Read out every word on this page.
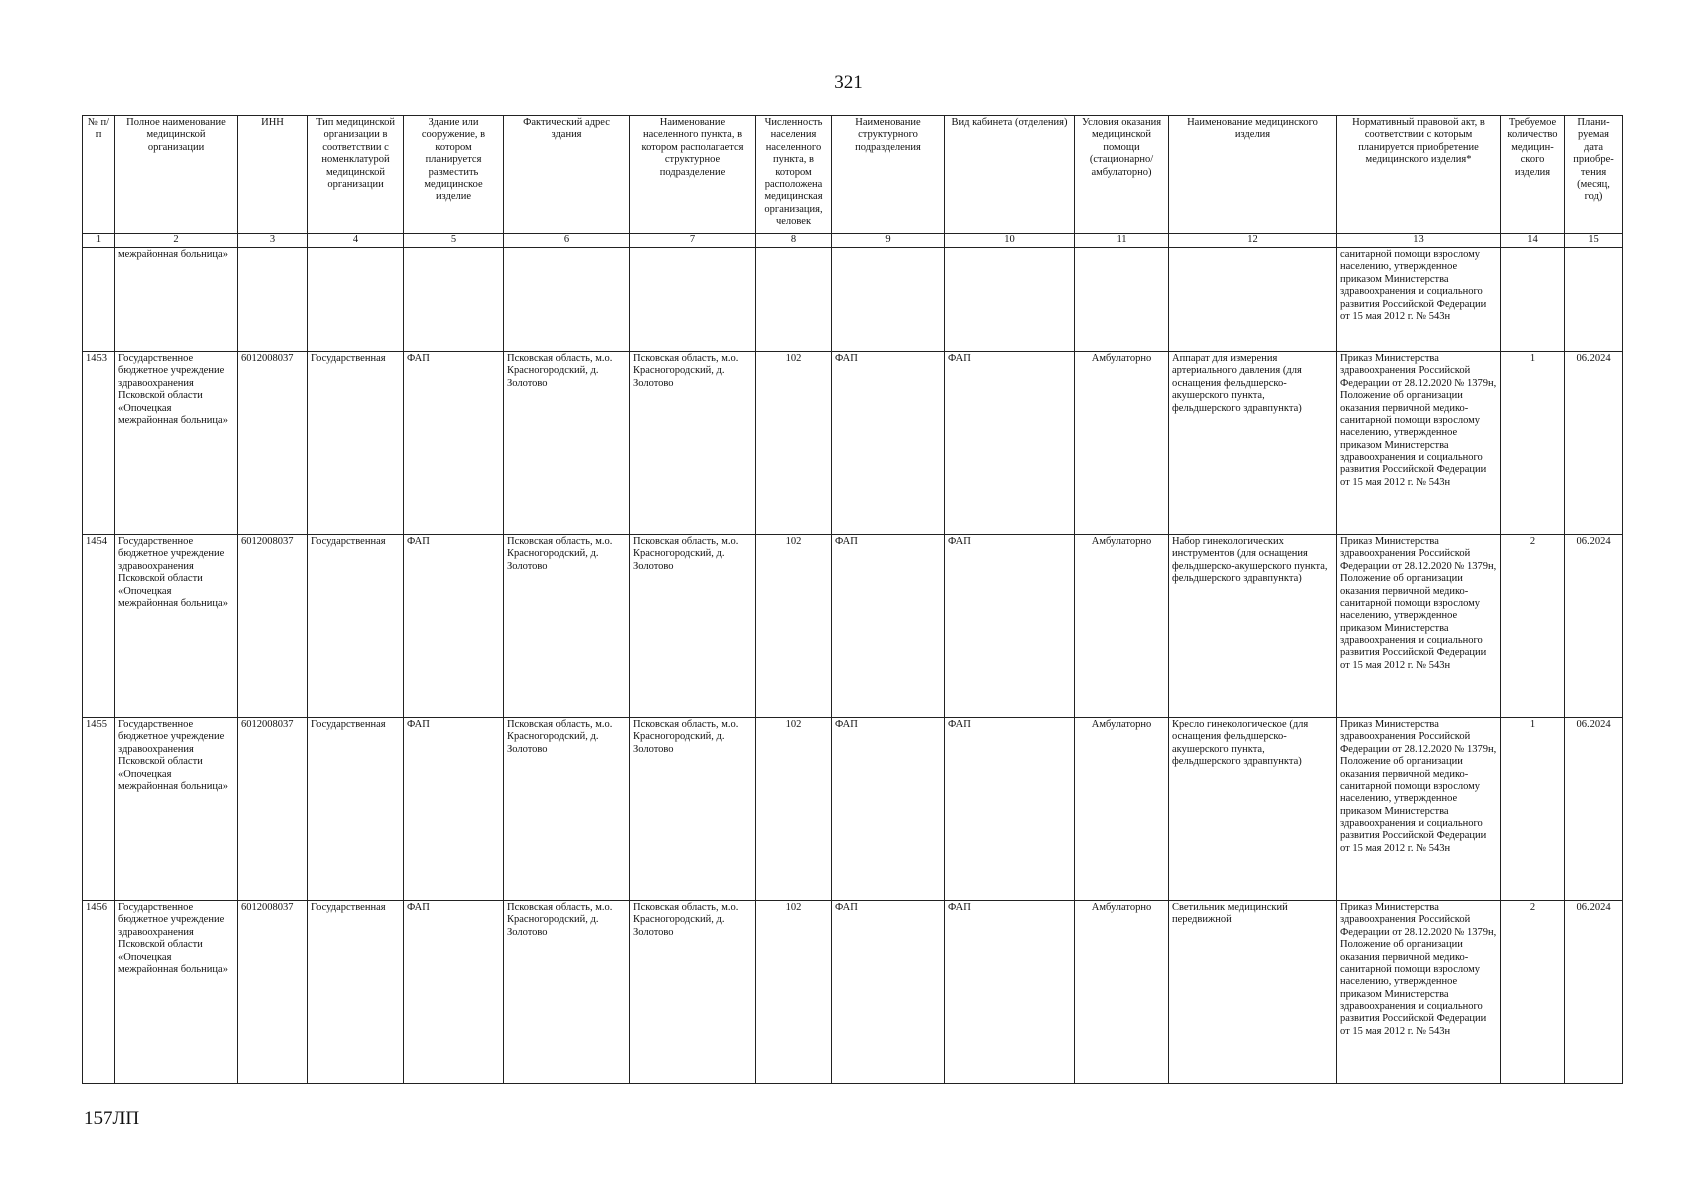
321
№ п/п	Полное наименование медицинской организации	ИНН	Тип медицинской организации в соответствии с номенклатурой медицинской организации	Здание или сооружение, в котором планируется разместить медицинское изделие	Фактический адрес здания	Наименование населенного пункта, в котором располагается структурное подразделение	Численность населения населенного пункта, в котором расположена медицинская организация, человек	Наименование структурного подразделения	Вид кабинета (отделения)	Условия оказания медицинской помощи (стационарно/ амбулаторно)	Наименование медицинского изделия	Нормативный правовой акт, в соответствии с которым планируется приобретение медицинского изделия*	Требуемое количество медицин-ского изделия	Плани-руемая дата приобре-тения (месяц, год)
1	2	3	4	5	6	7	8	9	10	11	12	13	14	15
	межрайонная больница»											санитарной помощи взрослому населению, утвержденное приказом Министерства здравоохранения и социального развития Российской Федерации от 15 мая 2012 г. № 543н		
1453	Государственное бюджетное учреждение здравоохранения Псковской области «Опочецкая межрайонная больница»	6012008037	Государственная	ФАП	Псковская область, м.о. Красногородский, д. Золотово	Псковская область, м.о. Красногородский, д. Золотово	102	ФАП	ФАП	Амбулаторно	Аппарат для измерения артериального давления (для оснащения фельдшерско-акушерского пункта, фельдшерского здравпункта)	Приказ Министерства здравоохранения Российской Федерации от 28.12.2020 № 1379н, Положение об организации оказания первичной медико-санитарной помощи взрослому населению, утвержденное приказом Министерства здравоохранения и социального развития Российской Федерации от 15 мая 2012 г. № 543н	1	06.2024
1454	Государственное бюджетное учреждение здравоохранения Псковской области «Опочецкая межрайонная больница»	6012008037	Государственная	ФАП	Псковская область, м.о. Красногородский, д. Золотово	Псковская область, м.о. Красногородский, д. Золотово	102	ФАП	ФАП	Амбулаторно	Набор гинекологических инструментов (для оснащения фельдшерско-акушерского пункта, фельдшерского здравпункта)	Приказ Министерства здравоохранения Российской Федерации от 28.12.2020 № 1379н, Положение об организации оказания первичной медико-санитарной помощи взрослому населению, утвержденное приказом Министерства здравоохранения и социального развития Российской Федерации от 15 мая 2012 г. № 543н	2	06.2024
1455	Государственное бюджетное учреждение здравоохранения Псковской области «Опочецкая межрайонная больница»	6012008037	Государственная	ФАП	Псковская область, м.о. Красногородский, д. Золотово	Псковская область, м.о. Красногородский, д. Золотово	102	ФАП	ФАП	Амбулаторно	Кресло гинекологическое (для оснащения фельдшерско-акушерского пункта, фельдшерского здравпункта)	Приказ Министерства здравоохранения Российской Федерации от 28.12.2020 № 1379н, Положение об организации оказания первичной медико-санитарной помощи взрослому населению, утвержденное приказом Министерства здравоохранения и социального развития Российской Федерации от 15 мая 2012 г. № 543н	1	06.2024
1456	Государственное бюджетное учреждение здравоохранения Псковской области «Опочецкая межрайонная больница»	6012008037	Государственная	ФАП	Псковская область, м.о. Красногородский, д. Золотово	Псковская область, м.о. Красногородский, д. Золотово	102	ФАП	ФАП	Амбулаторно	Светильник медицинский передвижной	Приказ Министерства здравоохранения Российской Федерации от 28.12.2020 № 1379н, Положение об организации оказания первичной медико-санитарной помощи взрослому населению, утвержденное приказом Министерства здравоохранения и социального развития Российской Федерации от 15 мая 2012 г. № 543н	2	06.2024
157ЛП
